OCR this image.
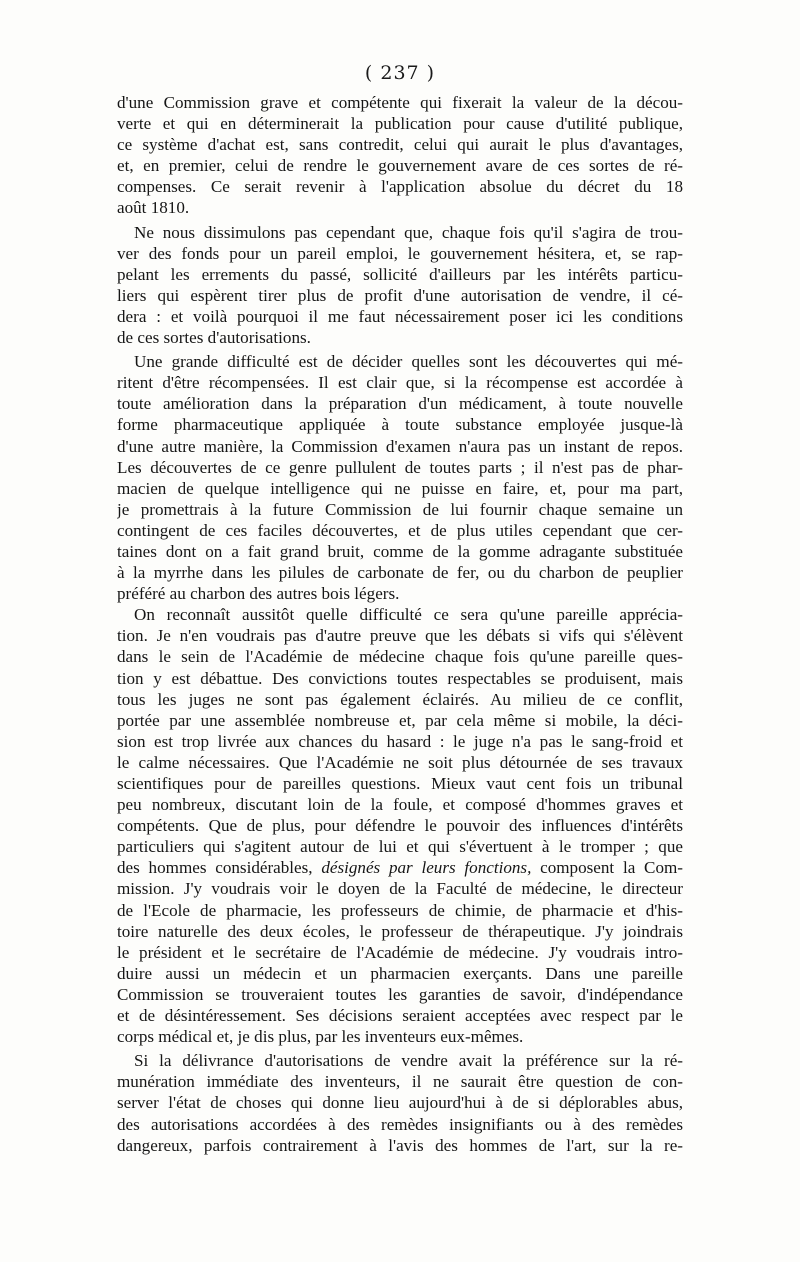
( 237 )
d'une Commission grave et compétente qui fixerait la valeur de la décou-
verte et qui en déterminerait la publication pour cause d'utilité publique,
ce système d'achat est, sans contredit, celui qui aurait le plus d'avantages,
et, en premier, celui de rendre le gouvernement avare de ces sortes de ré-
compenses. Ce serait revenir à l'application absolue du décret du 18
août 1810.
Ne nous dissimulons pas cependant que, chaque fois qu'il s'agira de trou-
ver des fonds pour un pareil emploi, le gouvernement hésitera, et, se rap-
pelant les errements du passé, sollicité d'ailleurs par les intérêts particu-
liers qui espèrent tirer plus de profit d'une autorisation de vendre, il cé-
dera : et voilà pourquoi il me faut nécessairement poser ici les conditions
de ces sortes d'autorisations.
Une grande difficulté est de décider quelles sont les découvertes qui mé-
ritent d'être récompensées. Il est clair que, si la récompense est accordée à
toute amélioration dans la préparation d'un médicament, à toute nouvelle
forme pharmaceutique appliquée à toute substance employée jusque-là
d'une autre manière, la Commission d'examen n'aura pas un instant de repos.
Les découvertes de ce genre pullulent de toutes parts ; il n'est pas de phar-
macien de quelque intelligence qui ne puisse en faire, et, pour ma part,
je promettrais à la future Commission de lui fournir chaque semaine un
contingent de ces faciles découvertes, et de plus utiles cependant que cer-
taines dont on a fait grand bruit, comme de la gomme adragante substituée
à la myrrhe dans les pilules de carbonate de fer, ou du charbon de peuplier
préféré au charbon des autres bois légers.
On reconnaît aussitôt quelle difficulté ce sera qu'une pareille apprécia-
tion. Je n'en voudrais pas d'autre preuve que les débats si vifs qui s'élèvent
dans le sein de l'Académie de médecine chaque fois qu'une pareille ques-
tion y est débattue. Des convictions toutes respectables se produisent, mais
tous les juges ne sont pas également éclairés. Au milieu de ce conflit,
portée par une assemblée nombreuse et, par cela même si mobile, la déci-
sion est trop livrée aux chances du hasard : le juge n'a pas le sang-froid et
le calme nécessaires. Que l'Académie ne soit plus détournée de ses travaux
scientifiques pour de pareilles questions. Mieux vaut cent fois un tribunal
peu nombreux, discutant loin de la foule, et composé d'hommes graves et
compétents. Que de plus, pour défendre le pouvoir des influences d'intérêts
particuliers qui s'agitent autour de lui et qui s'évertuent à le tromper ; que
des hommes considérables, désignés par leurs fonctions, composent la Com-
mission. J'y voudrais voir le doyen de la Faculté de médecine, le directeur
de l'Ecole de pharmacie, les professeurs de chimie, de pharmacie et d'his-
toire naturelle des deux écoles, le professeur de thérapeutique. J'y joindrais
le président et le secrétaire de l'Académie de médecine. J'y voudrais intro-
duire aussi un médecin et un pharmacien exerçants. Dans une pareille
Commission se trouveraient toutes les garanties de savoir, d'indépendance
et de désintéressement. Ses décisions seraient acceptées avec respect par le
corps médical et, je dis plus, par les inventeurs eux-mêmes.
Si la délivrance d'autorisations de vendre avait la préférence sur la ré-
munération immédiate des inventeurs, il ne saurait être question de con-
server l'état de choses qui donne lieu aujourd'hui à de si déplorables abus,
des autorisations accordées à des remèdes insignifiants ou à des remèdes
dangereux, parfois contrairement à l'avis des hommes de l'art, sur la re-
